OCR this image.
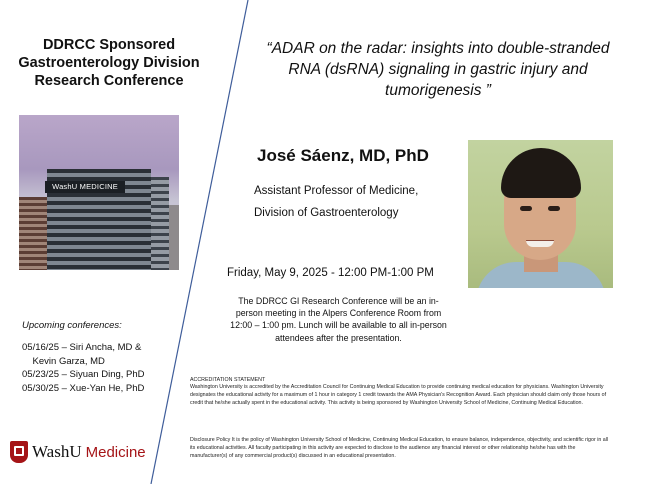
DDRCC Sponsored
Gastroenterology Division
Research Conference
WashU MEDICINE
Upcoming conferences:
05/16/25 – Siri Ancha, MD &
Kevin Garza, MD
05/23/25 – Siyuan Ding, PhD
05/30/25 – Xue-Yan He, PhD
WashU Medicine
“ADAR on the radar: insights into double-stranded
RNA (dsRNA) signaling in gastric injury and
tumorigenesis ”
José Sáenz, MD, PhD
Assistant Professor of Medicine,
Division of Gastroenterology
Friday, May 9, 2025 - 12:00 PM-1:00 PM
The DDRCC GI Research Conference will be an in-person meeting in the Alpers Conference Room from 12:00 – 1:00 pm. Lunch will be available to all in-person attendees after the presentation.
ACCREDITATION STATEMENT
Washington University is accredited by the Accreditation Council for Continuing Medical Education to provide continuing medical education for physicians. Washington University designates the educational activity for a maximum of 1 hour in category 1 credit towards the AMA Physician's Recognition Award. Each physician should claim only those hours of credit that he/she actually spent in the educational activity. This activity is being sponsored by Washington University School of Medicine, Continuing Medical Education.
Disclosure Policy It is the policy of Washington University School of Medicine, Continuing Medical Education, to ensure balance, independence, objectivity, and scientific rigor in all its educational activities. All faculty participating in this activity are expected to disclose to the audience any financial interest or other relationship he/she has with the manufacturer(s) of any commercial product(s) discussed in an educational presentation.
